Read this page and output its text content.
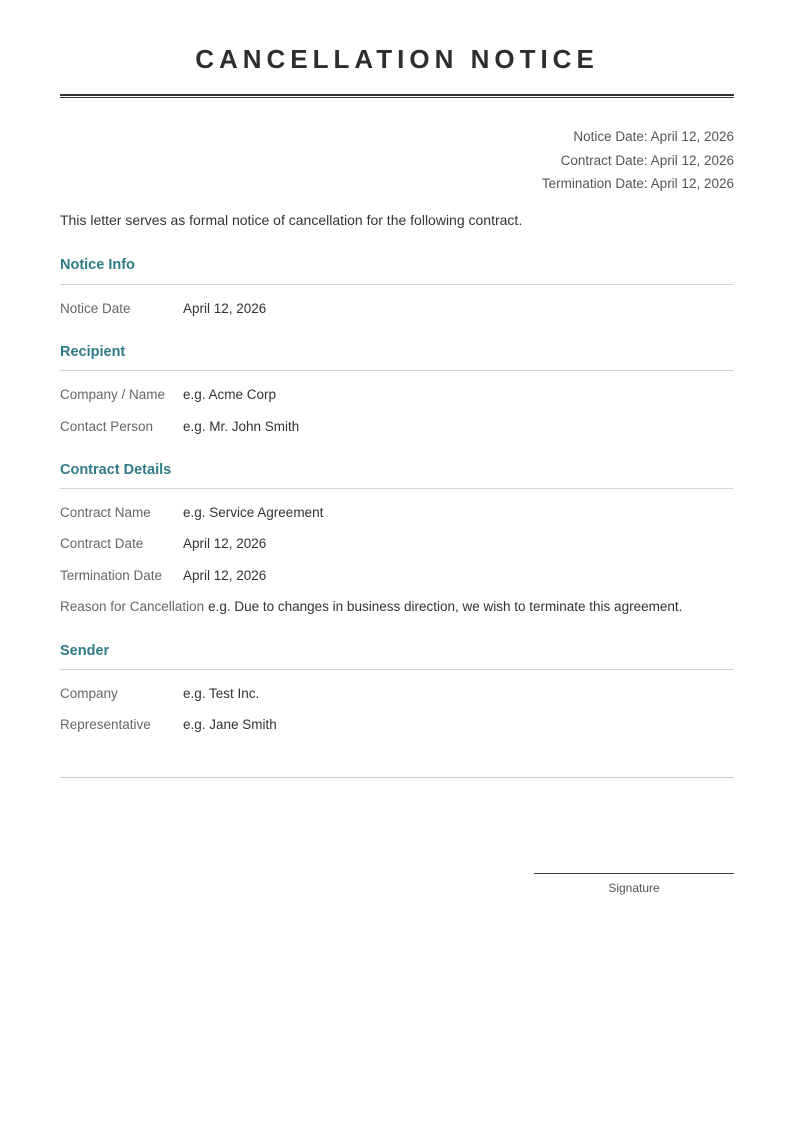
CANCELLATION NOTICE
Notice Date: April 12, 2026
Contract Date: April 12, 2026
Termination Date: April 12, 2026
This letter serves as formal notice of cancellation for the following contract.
Notice Info
Notice Date	April 12, 2026
Recipient
Company / Name e.g. Acme Corp
Contact Person e.g. Mr. John Smith
Contract Details
Contract Name e.g. Service Agreement
Contract Date	April 12, 2026
Termination Date April 12, 2026
Reason for Cancellation e.g. Due to changes in business direction, we wish to terminate this agreement.
Sender
Company	e.g. Test Inc.
Representative e.g. Jane Smith
Signature
